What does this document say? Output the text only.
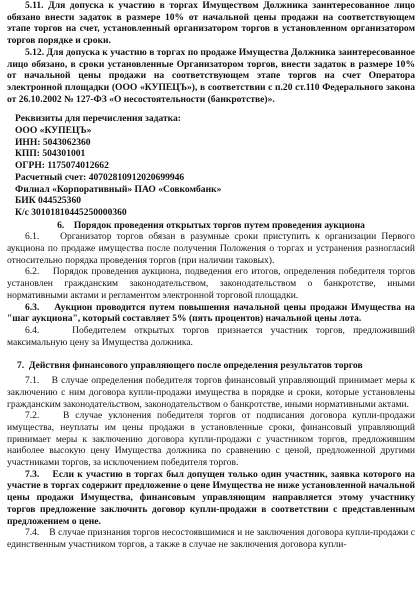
5.11. Для допуска к участию в торгах Имуществом Должника заинтересованное лицо обязано внести задаток в размере 10% от начальной цены продажи на соответствующем этапе торгов на счет, установленный организатором торгов в установленном организатором торгов порядке и сроки.

5.12. Для допуска к участию в торгах по продаже Имущества Должника заинтересованное лицо обязано, в сроки установленные Организатором торгов, внести задаток в размере 10% от начальной цены продажи на соответствующем этапе торгов на счет Оператора электронной площадки (ООО «КУПЕЦЪ»), в соответствии с п.20 ст.110 Федерального закона от 26.10.2002 № 127-ФЗ «О несостоятельности (банкротстве)».

Реквизиты для перечисления задатка:

ООО «КУПЕЦЪ»

ИНН: 5043062360

КПП: 504301001

ОГРН: 1175074012662

Расчетный счет: 40702810912020699946

Филиал «Корпоративный» ПАО «Совкомбанк»

БИК 044525360

К/с 30101810445250000360

6. Порядок проведения открытых торгов путем проведения аукциона

6.1.    Организатор торгов обязан в разумные сроки приступить к организации Первого аукциона по продаже имущества после получения Положения о торгах и устранения разногласий относительно порядка проведения торгов (при наличии таковых).

6.2.    Порядок проведения аукциона, подведения его итогов, определения победителя торгов установлен гражданским законодательством, законодательством о банкротстве, иными нормативными актами и регламентом электронной торговой площадки.

6.3.    Аукцион проводится путем повышения начальной цены продажи Имущества на "шаг аукциона", который составляет 5% (пять процентов) начальной цены лота.

6.4.    Победителем открытых торгов признается участник торгов, предложивший максимальную цену за Имущества должника.

7.  Действия финансового управляющего после определения результатов торгов

7.1.    В случае определения победителя торгов финансовый управляющий принимает меры к заключению с ним договора купли-продажи имущества в порядке и сроки, которые установлены гражданским законодательством, законодательством о банкротстве, иными нормативными актами.

7.2.    В случае уклонения победителя торгов от подписания договора купли-продажи имущества, неуплаты им цены продажи в установленные сроки, финансовый управляющий принимает меры к заключению договора купли-продажи с участником торгов, предложившим наиболее высокую цену Имущества должника по сравнению с ценой, предложенной другими участниками торгов, за исключением победителя торгов.

7.3.    Если к участию в торгах был допущен только один участник, заявка которого на участие в торгах содержит предложение о цене Имущества не ниже установленной начальной цены продажи Имущества, финансовым управляющим направляется этому участнику торгов предложение заключить договор купли-продажи в соответствии с представленным предложением о цене.

7.4.    В случае признания торгов несостоявшимися и не заключения договора купли-продажи с единственным участником торгов, а также в случае не заключения договора купли-
